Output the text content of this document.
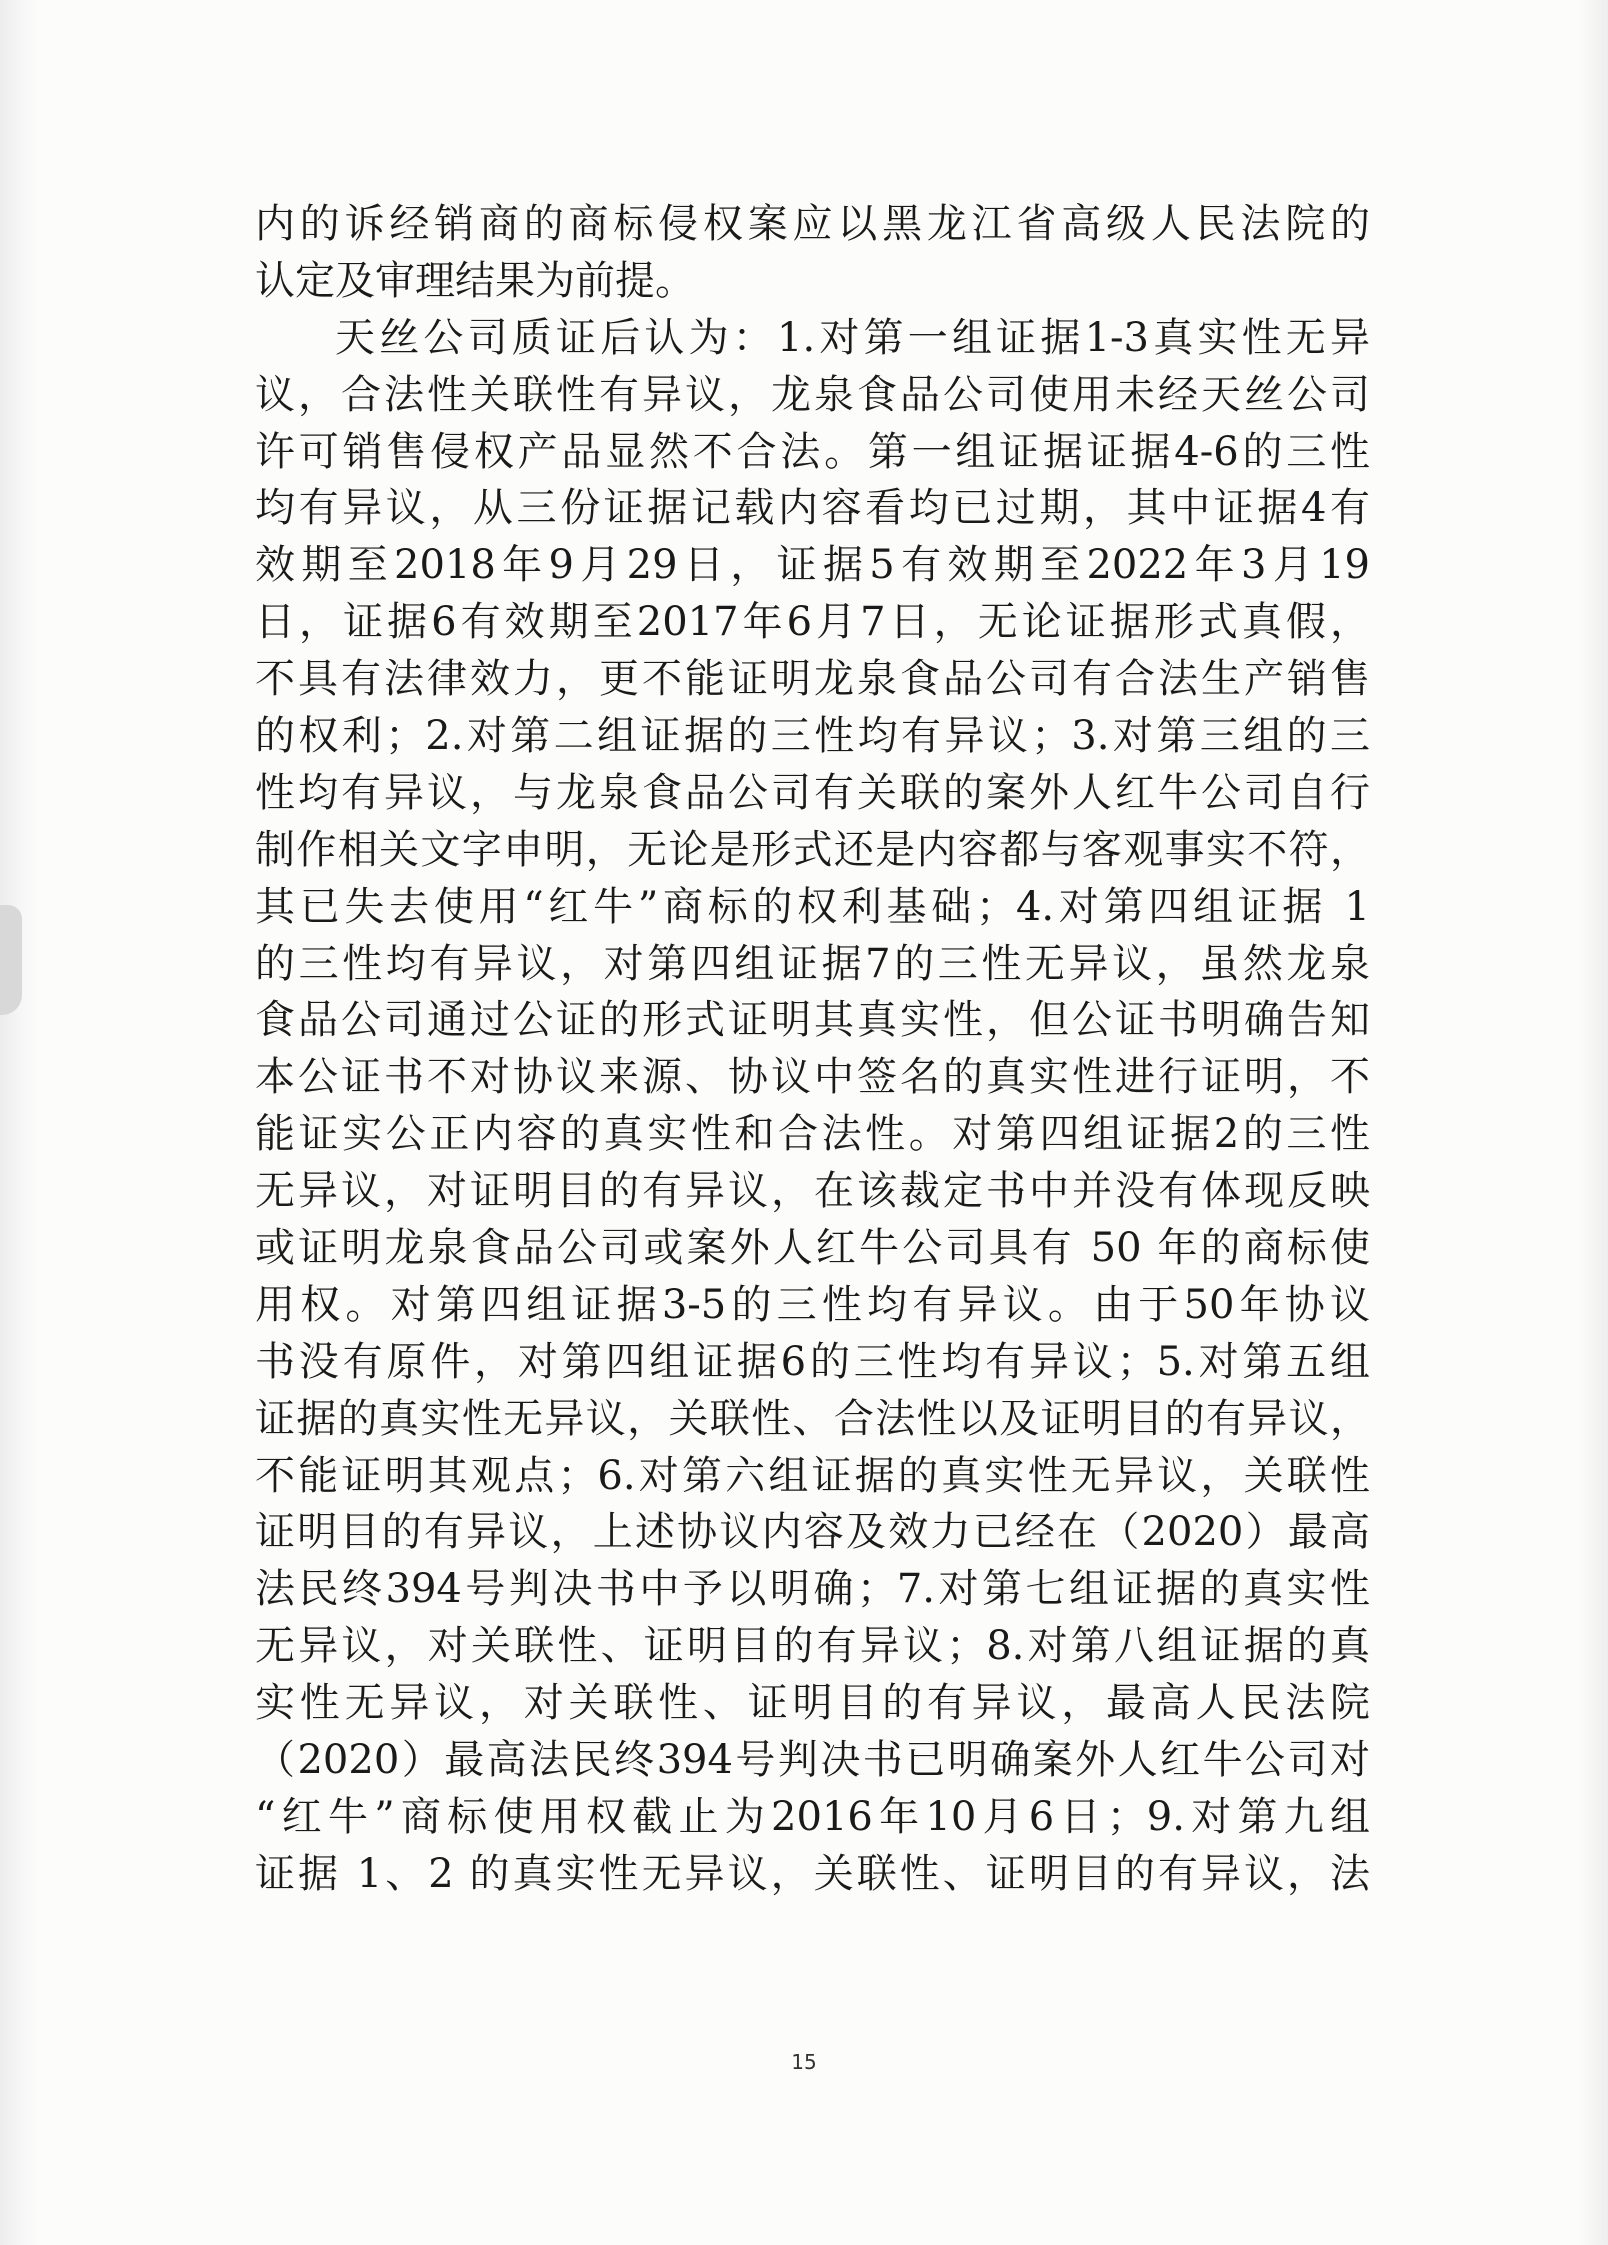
内的诉经销商的商标侵权案应以黑龙江省高级人民法院的
认定及审理结果为前提。
天丝公司质证后认为：1.对第一组证据1-3真实性无异
议，合法性关联性有异议，龙泉食品公司使用未经天丝公司
许可销售侵权产品显然不合法。第一组证据证据4-6的三性
均有异议，从三份证据记载内容看均已过期，其中证据4有
效期至2018年9月29日，证据5有效期至2022年3月19
日，证据6有效期至2017年6月7日，无论证据形式真假，
不具有法律效力，更不能证明龙泉食品公司有合法生产销售
的权利；2.对第二组证据的三性均有异议；3.对第三组的三
性均有异议，与龙泉食品公司有关联的案外人红牛公司自行
制作相关文字申明，无论是形式还是内容都与客观事实不符，
其已失去使用“红牛”商标的权利基础；4.对第四组证据 1
的三性均有异议，对第四组证据7的三性无异议，虽然龙泉
食品公司通过公证的形式证明其真实性，但公证书明确告知
本公证书不对协议来源、协议中签名的真实性进行证明，不
能证实公正内容的真实性和合法性。对第四组证据2的三性
无异议，对证明目的有异议，在该裁定书中并没有体现反映
或证明龙泉食品公司或案外人红牛公司具有 50 年的商标使
用权。对第四组证据3-5的三性均有异议。由于50年协议
书没有原件，对第四组证据6的三性均有异议；5.对第五组
证据的真实性无异议，关联性、合法性以及证明目的有异议，
不能证明其观点；6.对第六组证据的真实性无异议，关联性
证明目的有异议，上述协议内容及效力已经在（2020）最高
法民终394号判决书中予以明确；7.对第七组证据的真实性
无异议，对关联性、证明目的有异议；8.对第八组证据的真
实性无异议，对关联性、证明目的有异议，最高人民法院
（2020）最高法民终394号判决书已明确案外人红牛公司对
“红牛”商标使用权截止为2016年10月6日；9.对第九组
证据 1、2 的真实性无异议，关联性、证明目的有异议，法
15
